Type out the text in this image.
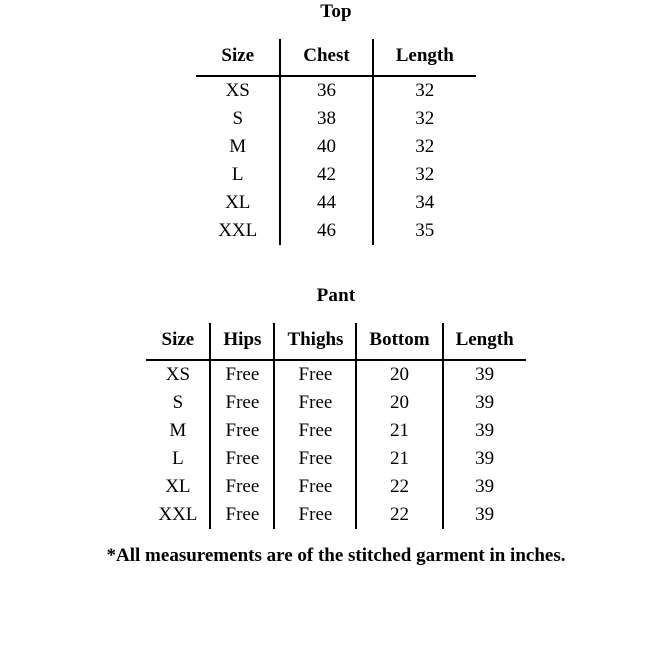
Top
Size	Chest	Length
XS	36	32
S	38	32
M	40	32
L	42	32
XL	44	34
XXL	46	35
Pant
Size	Hips	Thighs	Bottom	Length
XS	Free	Free	20	39
S	Free	Free	20	39
M	Free	Free	21	39
L	Free	Free	21	39
XL	Free	Free	22	39
XXL	Free	Free	22	39
*All measurements are of the stitched garment in inches.
